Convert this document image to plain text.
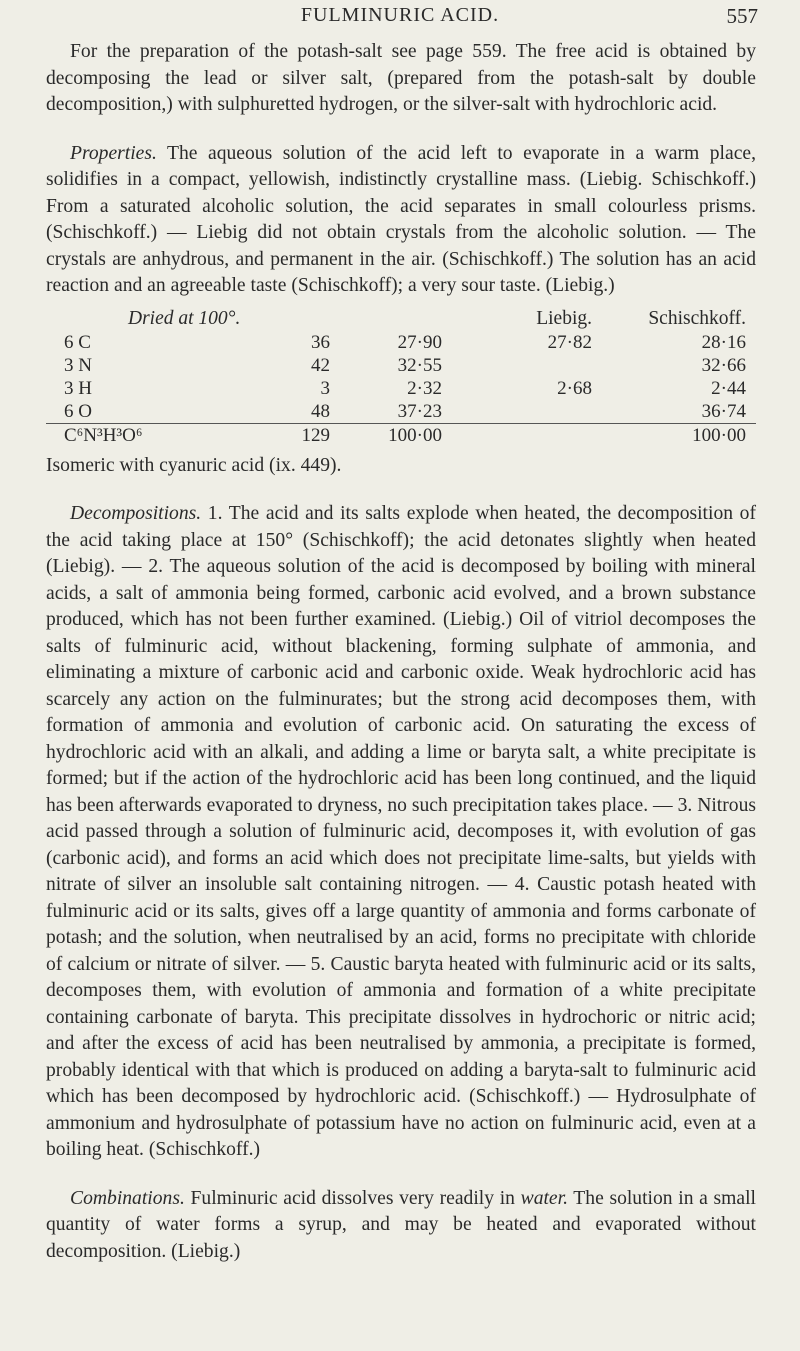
FULMINURIC ACID.	557

For the preparation of the potash-salt see page 559. The free acid is obtained by decomposing the lead or silver salt, (prepared from the potash-salt by double decomposition,) with sulphuretted hydrogen, or the silver-salt with hydrochloric acid.

Properties. The aqueous solution of the acid left to evaporate in a warm place, solidifies in a compact, yellowish, indistinctly crystalline mass. (Liebig. Schischkoff.) From a saturated alcoholic solution, the acid separates in small colourless prisms. (Schischkoff.) — Liebig did not obtain crystals from the alcoholic solution. — The crystals are anhydrous, and permanent in the air. (Schischkoff.) The solution has an acid reaction and an agreeable taste (Schischkoff); a very sour taste. (Liebig.)

Dried at 100°.				Liebig.	Schischkoff.
6 C	36		27·90	27·82	28·16
3 N	42		32·55		32·66
3 H	3		2·32	2·68	2·44
6 O	48		37·23		36·74
C⁶N³H³O⁶	129		100·00		100·00

Isomeric with cyanuric acid (ix. 449).

Decompositions. 1. The acid and its salts explode when heated, the decomposition of the acid taking place at 150° (Schischkoff); the acid detonates slightly when heated (Liebig). — 2. The aqueous solution of the acid is decomposed by boiling with mineral acids, a salt of ammonia being formed, carbonic acid evolved, and a brown substance produced, which has not been further examined. (Liebig.) Oil of vitriol decomposes the salts of fulminuric acid, without blackening, forming sulphate of ammonia, and eliminating a mixture of carbonic acid and carbonic oxide. Weak hydrochloric acid has scarcely any action on the fulminurates; but the strong acid decomposes them, with formation of ammonia and evolution of carbonic acid. On saturating the excess of hydrochloric acid with an alkali, and adding a lime or baryta salt, a white precipitate is formed; but if the action of the hydrochloric acid has been long continued, and the liquid has been afterwards evaporated to dryness, no such precipitation takes place. — 3. Nitrous acid passed through a solution of fulminuric acid, decomposes it, with evolution of gas (carbonic acid), and forms an acid which does not precipitate lime-salts, but yields with nitrate of silver an insoluble salt containing nitrogen. — 4. Caustic potash heated with fulminuric acid or its salts, gives off a large quantity of ammonia and forms carbonate of potash; and the solution, when neutralised by an acid, forms no precipitate with chloride of calcium or nitrate of silver. — 5. Caustic baryta heated with fulminuric acid or its salts, decomposes them, with evolution of ammonia and formation of a white precipitate containing carbonate of baryta. This precipitate dissolves in hydrochoric or nitric acid; and after the excess of acid has been neutralised by ammonia, a precipitate is formed, probably identical with that which is produced on adding a baryta-salt to fulminuric acid which has been decomposed by hydrochloric acid. (Schischkoff.) — Hydrosulphate of ammonium and hydrosulphate of potassium have no action on fulminuric acid, even at a boiling heat. (Schischkoff.)

Combinations. Fulminuric acid dissolves very readily in water. The solution in a small quantity of water forms a syrup, and may be heated and evaporated without decomposition. (Liebig.)
